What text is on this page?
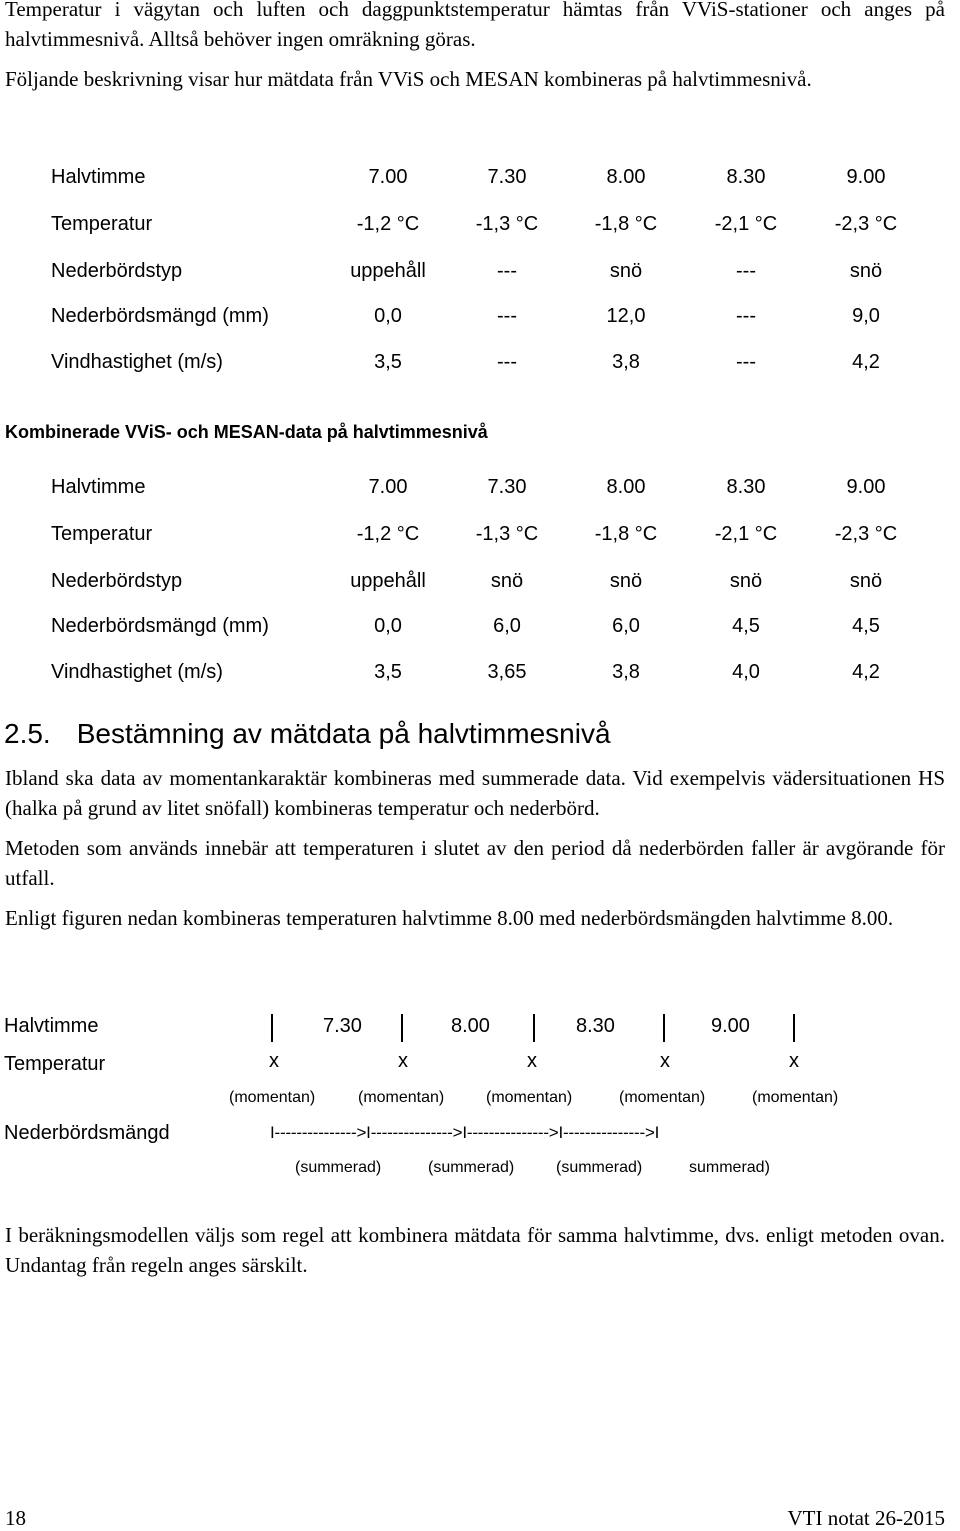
Temperatur i vägytan och luften och daggpunktstemperatur hämtas från VViS-stationer och anges på halvtimmesnivå. Alltså behöver ingen omräkning göras.
Följande beskrivning visar hur mätdata från VViS och MESAN kombineras på halvtimmesnivå.
Halvtimme	7.00	7.30	8.00	8.30	9.00
Temperatur	-1,2 °C	-1,3 °C	-1,8 °C	-2,1 °C	-2,3 °C
Nederbördstyp	uppehåll	---	snö	---	snö
Nederbördsmängd (mm)	0,0	---	12,0	---	9,0
Vindhastighet (m/s)	3,5	---	3,8	---	4,2
Kombinerade VViS- och MESAN-data på halvtimmesnivå
Halvtimme	7.00	7.30	8.00	8.30	9.00
Temperatur	-1,2 °C	-1,3 °C	-1,8 °C	-2,1 °C	-2,3 °C
Nederbördstyp	uppehåll	snö	snö	snö	snö
Nederbördsmängd (mm)	0,0	6,0	6,0	4,5	4,5
Vindhastighet (m/s)	3,5	3,65	3,8	4,0	4,2
2.5. Bestämning av mätdata på halvtimmesnivå
Ibland ska data av momentankaraktär kombineras med summerade data. Vid exempelvis vädersituationen HS (halka på grund av litet snöfall) kombineras temperatur och nederbörd.
Metoden som används innebär att temperaturen i slutet av den period då nederbörden faller är avgörande för utfall.
Enligt figuren nedan kombineras temperaturen halvtimme 8.00 med nederbördsmängden halvtimme 8.00.
Halvtimme	7.30	8.00	8.30	9.00
Temperatur	x	x	x	x	x
(momentan)	(momentan)	(momentan)	(momentan)	(momentan)
Nederbördsmängd	I--------------->I--------------->I--------------->I--------------->I
(summerad)	(summerad)	(summerad)	summerad)
I beräkningsmodellen väljs som regel att kombinera mätdata för samma halvtimme, dvs. enligt metoden ovan. Undantag från regeln anges särskilt.
18	VTI notat 26-2015
